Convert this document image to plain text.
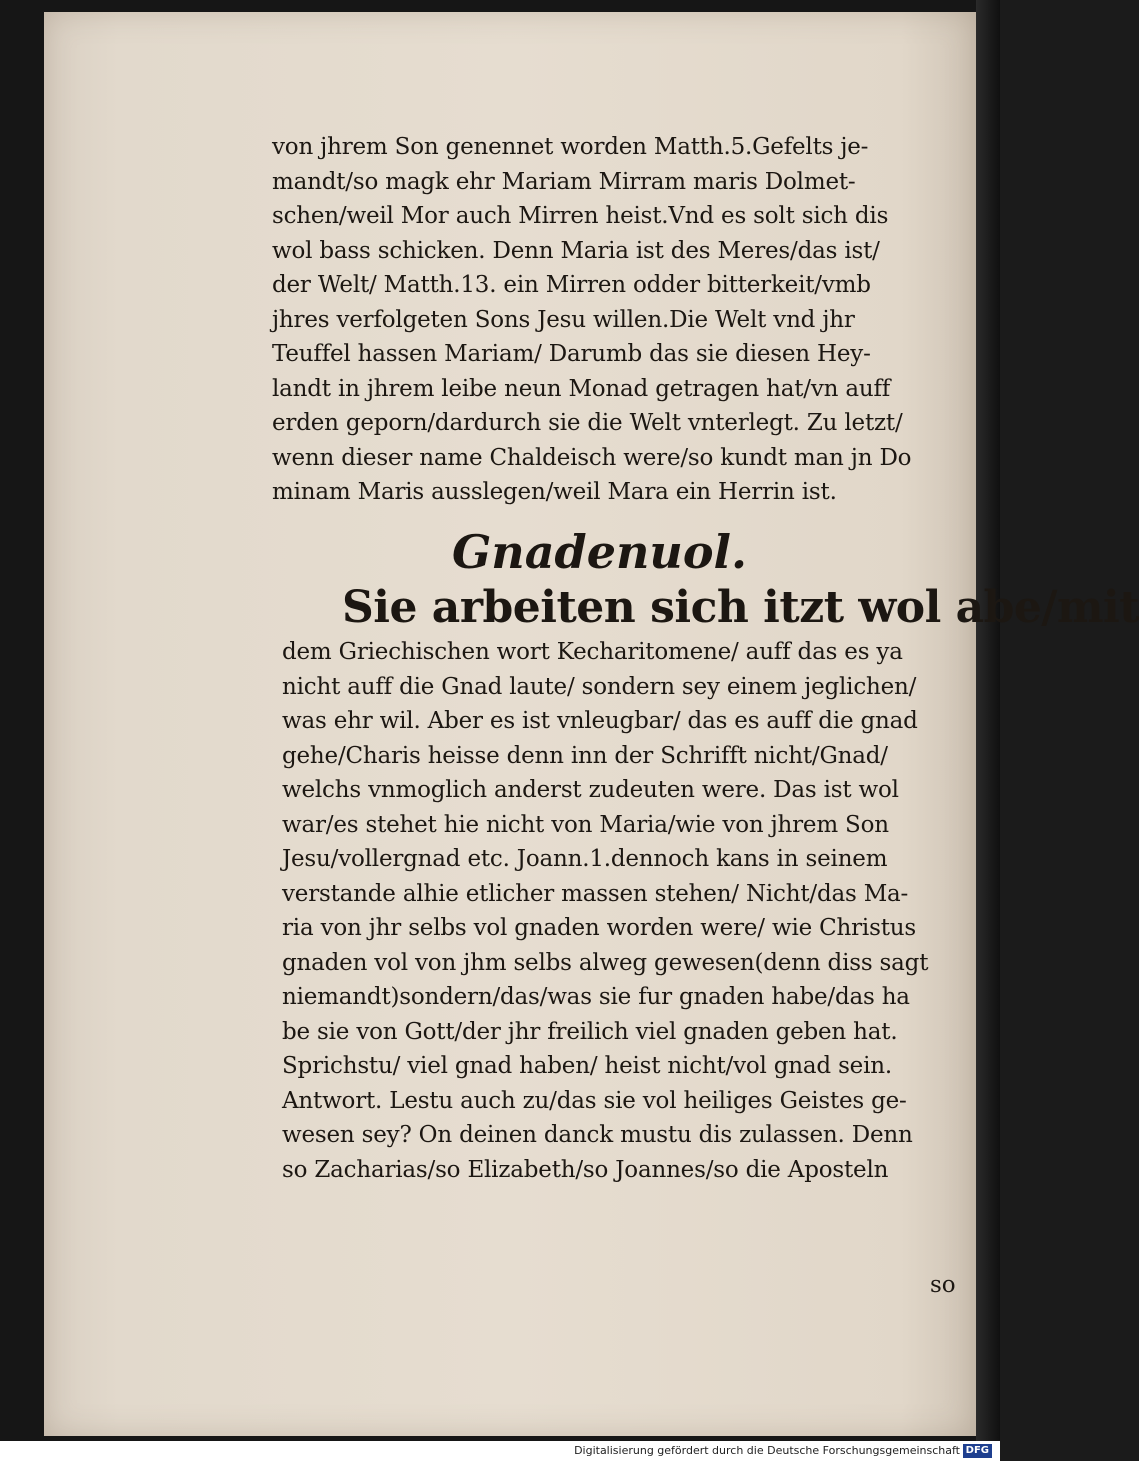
von jhrem Son genennet worden Matth.5.Gefelts je-

mandt/so magk ehr Mariam Mirram maris Dolmet-

schen/weil Mor auch Mirren heist.Vnd es solt sich dis

wol bass schicken. Denn Maria ist des Meres/das ist/

der Welt/ Matth.13. ein Mirren odder bitterkeit/vmb

jhres verfolgeten Sons Jesu willen.Die Welt vnd jhr

Teuffel hassen Mariam/ Darumb das sie diesen Hey-

landt in jhrem leibe neun Monad getragen hat/vn auff

erden geporn/dardurch sie die Welt vnterlegt. Zu letzt/

wenn dieser name Chaldeisch were/so kundt man jn Do

minam Maris ausslegen/weil Mara ein Herrin ist.

Gnadenuol.

Sie arbeiten sich itzt wol abe/mit

dem Griechischen wort Kecharitomene/ auff das es ya

nicht auff die Gnad laute/ sondern sey einem jeglichen/

was ehr wil. Aber es ist vnleugbar/ das es auff die gnad

gehe/Charis heisse denn inn der Schrifft nicht/Gnad/

welchs vnmoglich anderst zudeuten were. Das ist wol

war/es stehet hie nicht von Maria/wie von jhrem Son

Jesu/vollergnad etc. Joann.1.dennoch kans in seinem

verstande alhie etlicher massen stehen/ Nicht/das Ma-

ria von jhr selbs vol gnaden worden were/ wie Christus

gnaden vol von jhm selbs alweg gewesen(denn diss sagt

niemandt)sondern/das/was sie fur gnaden habe/das ha

be sie von Gott/der jhr freilich viel gnaden geben hat.

Sprichstu/ viel gnad haben/ heist nicht/vol gnad sein.

Antwort. Lestu auch zu/das sie vol heiliges Geistes ge-

wesen sey? On deinen danck mustu dis zulassen. Denn

so Zacharias/so Elizabeth/so Joannes/so die Aposteln

so

Digitalisierung gefördert durch die Deutsche Forschungsgemeinschaft DFG
